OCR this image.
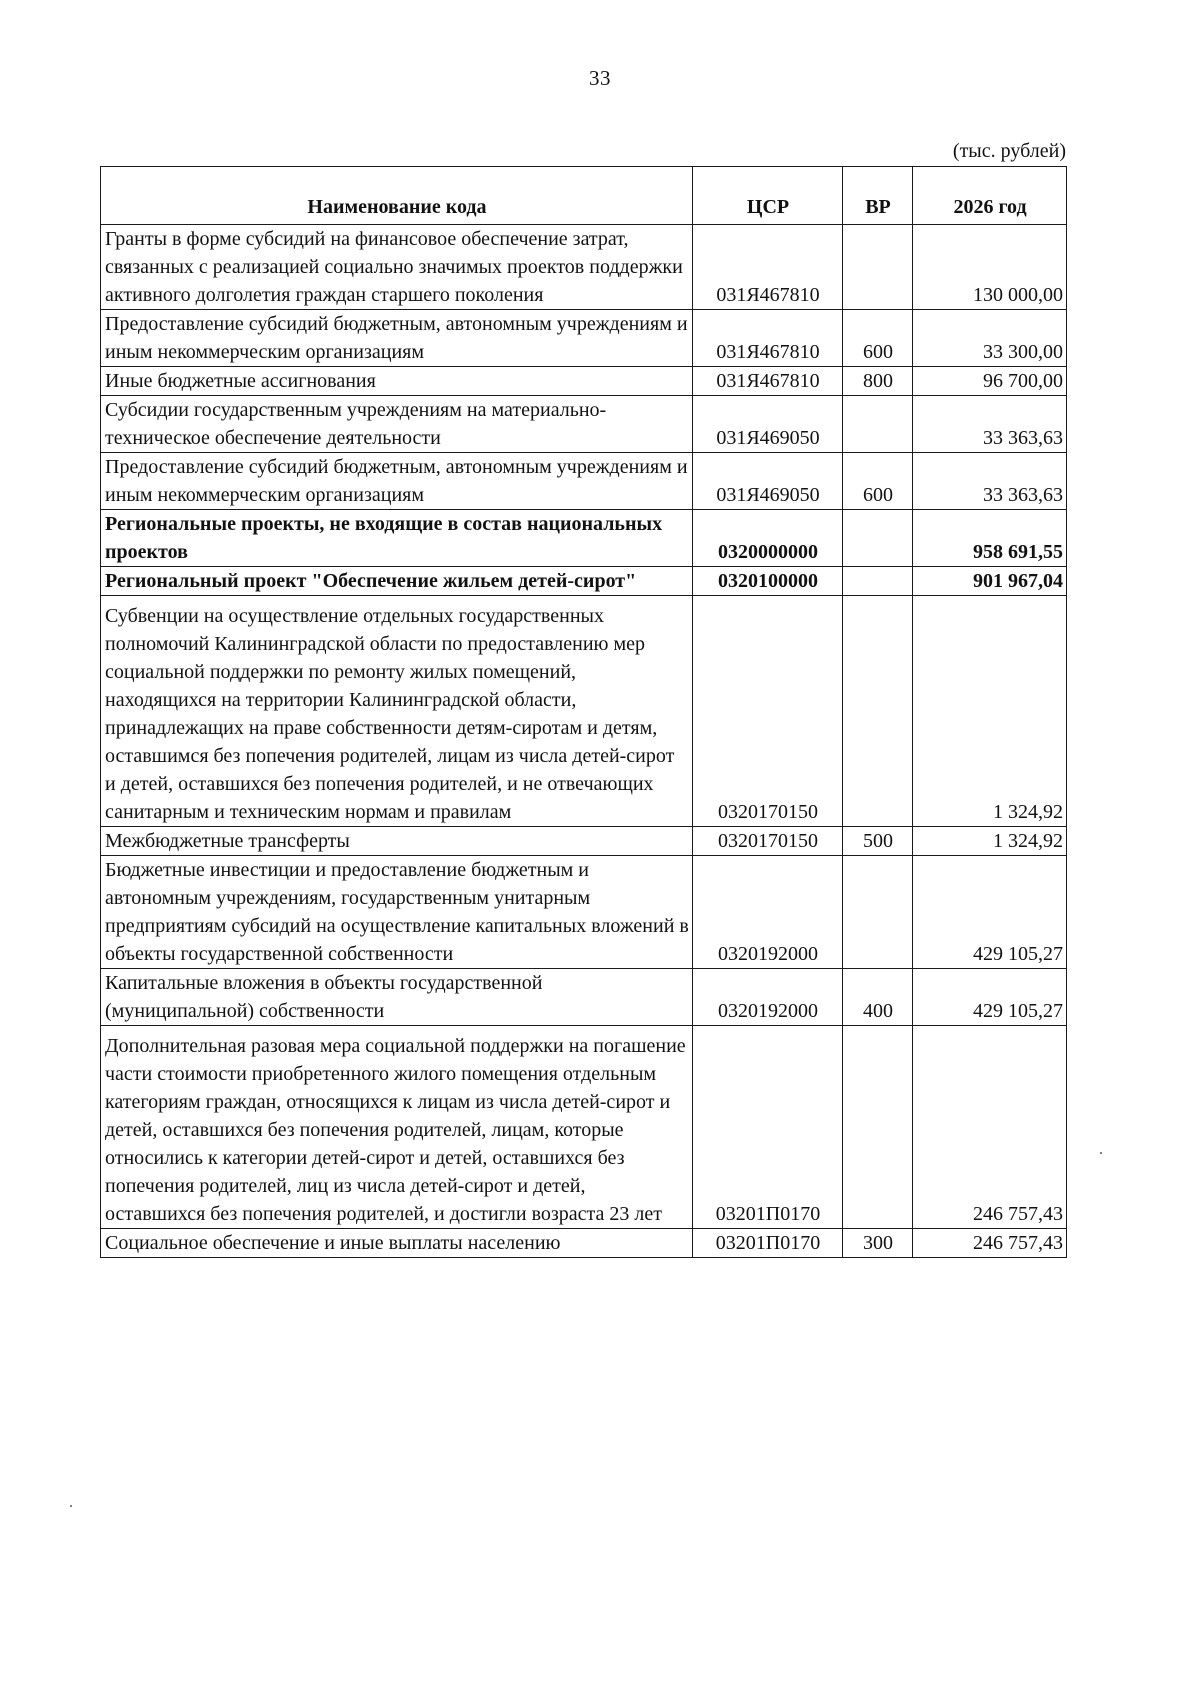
33
(тыс. рублей)
Наименование кода	ЦСР	ВР	2026 год
Гранты в форме субсидий на финансовое обеспечение затрат, связанных с реализацией социально значимых проектов поддержки активного долголетия граждан старшего поколения	031Я467810		130 000,00
Предоставление субсидий бюджетным, автономным учреждениям и иным некоммерческим организациям	031Я467810	600	33 300,00
Иные бюджетные ассигнования	031Я467810	800	96 700,00
Субсидии государственным учреждениям на материально-техническое обеспечение деятельности	031Я469050		33 363,63
Предоставление субсидий бюджетным, автономным учреждениям и иным некоммерческим организациям	031Я469050	600	33 363,63
Региональные проекты, не входящие в состав национальных проектов	0320000000		958 691,55
Региональный проект "Обеспечение жильем детей-сирот"	0320100000		901 967,04
Субвенции на осуществление отдельных государственных полномочий Калининградской области по предоставлению мер социальной поддержки по ремонту жилых помещений, находящихся на территории Калининградской области, принадлежащих на праве собственности детям-сиротам и детям, оставшимся без попечения родителей, лицам из числа детей-сирот и детей, оставшихся без попечения родителей, и не отвечающих санитарным и техническим нормам и правилам	0320170150		1 324,92
Межбюджетные трансферты	0320170150	500	1 324,92
Бюджетные инвестиции и предоставление бюджетным и автономным учреждениям, государственным унитарным предприятиям субсидий на осуществление капитальных вложений в объекты государственной собственности	0320192000		429 105,27
Капитальные вложения в объекты государственной (муниципальной) собственности	0320192000	400	429 105,27
Дополнительная разовая мера социальной поддержки на погашение части стоимости приобретенного жилого помещения отдельным категориям граждан, относящихся к лицам из числа детей-сирот и детей, оставшихся без попечения родителей, лицам, которые относились к категории детей-сирот и детей, оставшихся без попечения родителей, лиц из числа детей-сирот и детей, оставшихся без попечения родителей, и достигли возраста 23 лет	03201П0170		246 757,43
Социальное обеспечение и иные выплаты населению	03201П0170	300	246 757,43
